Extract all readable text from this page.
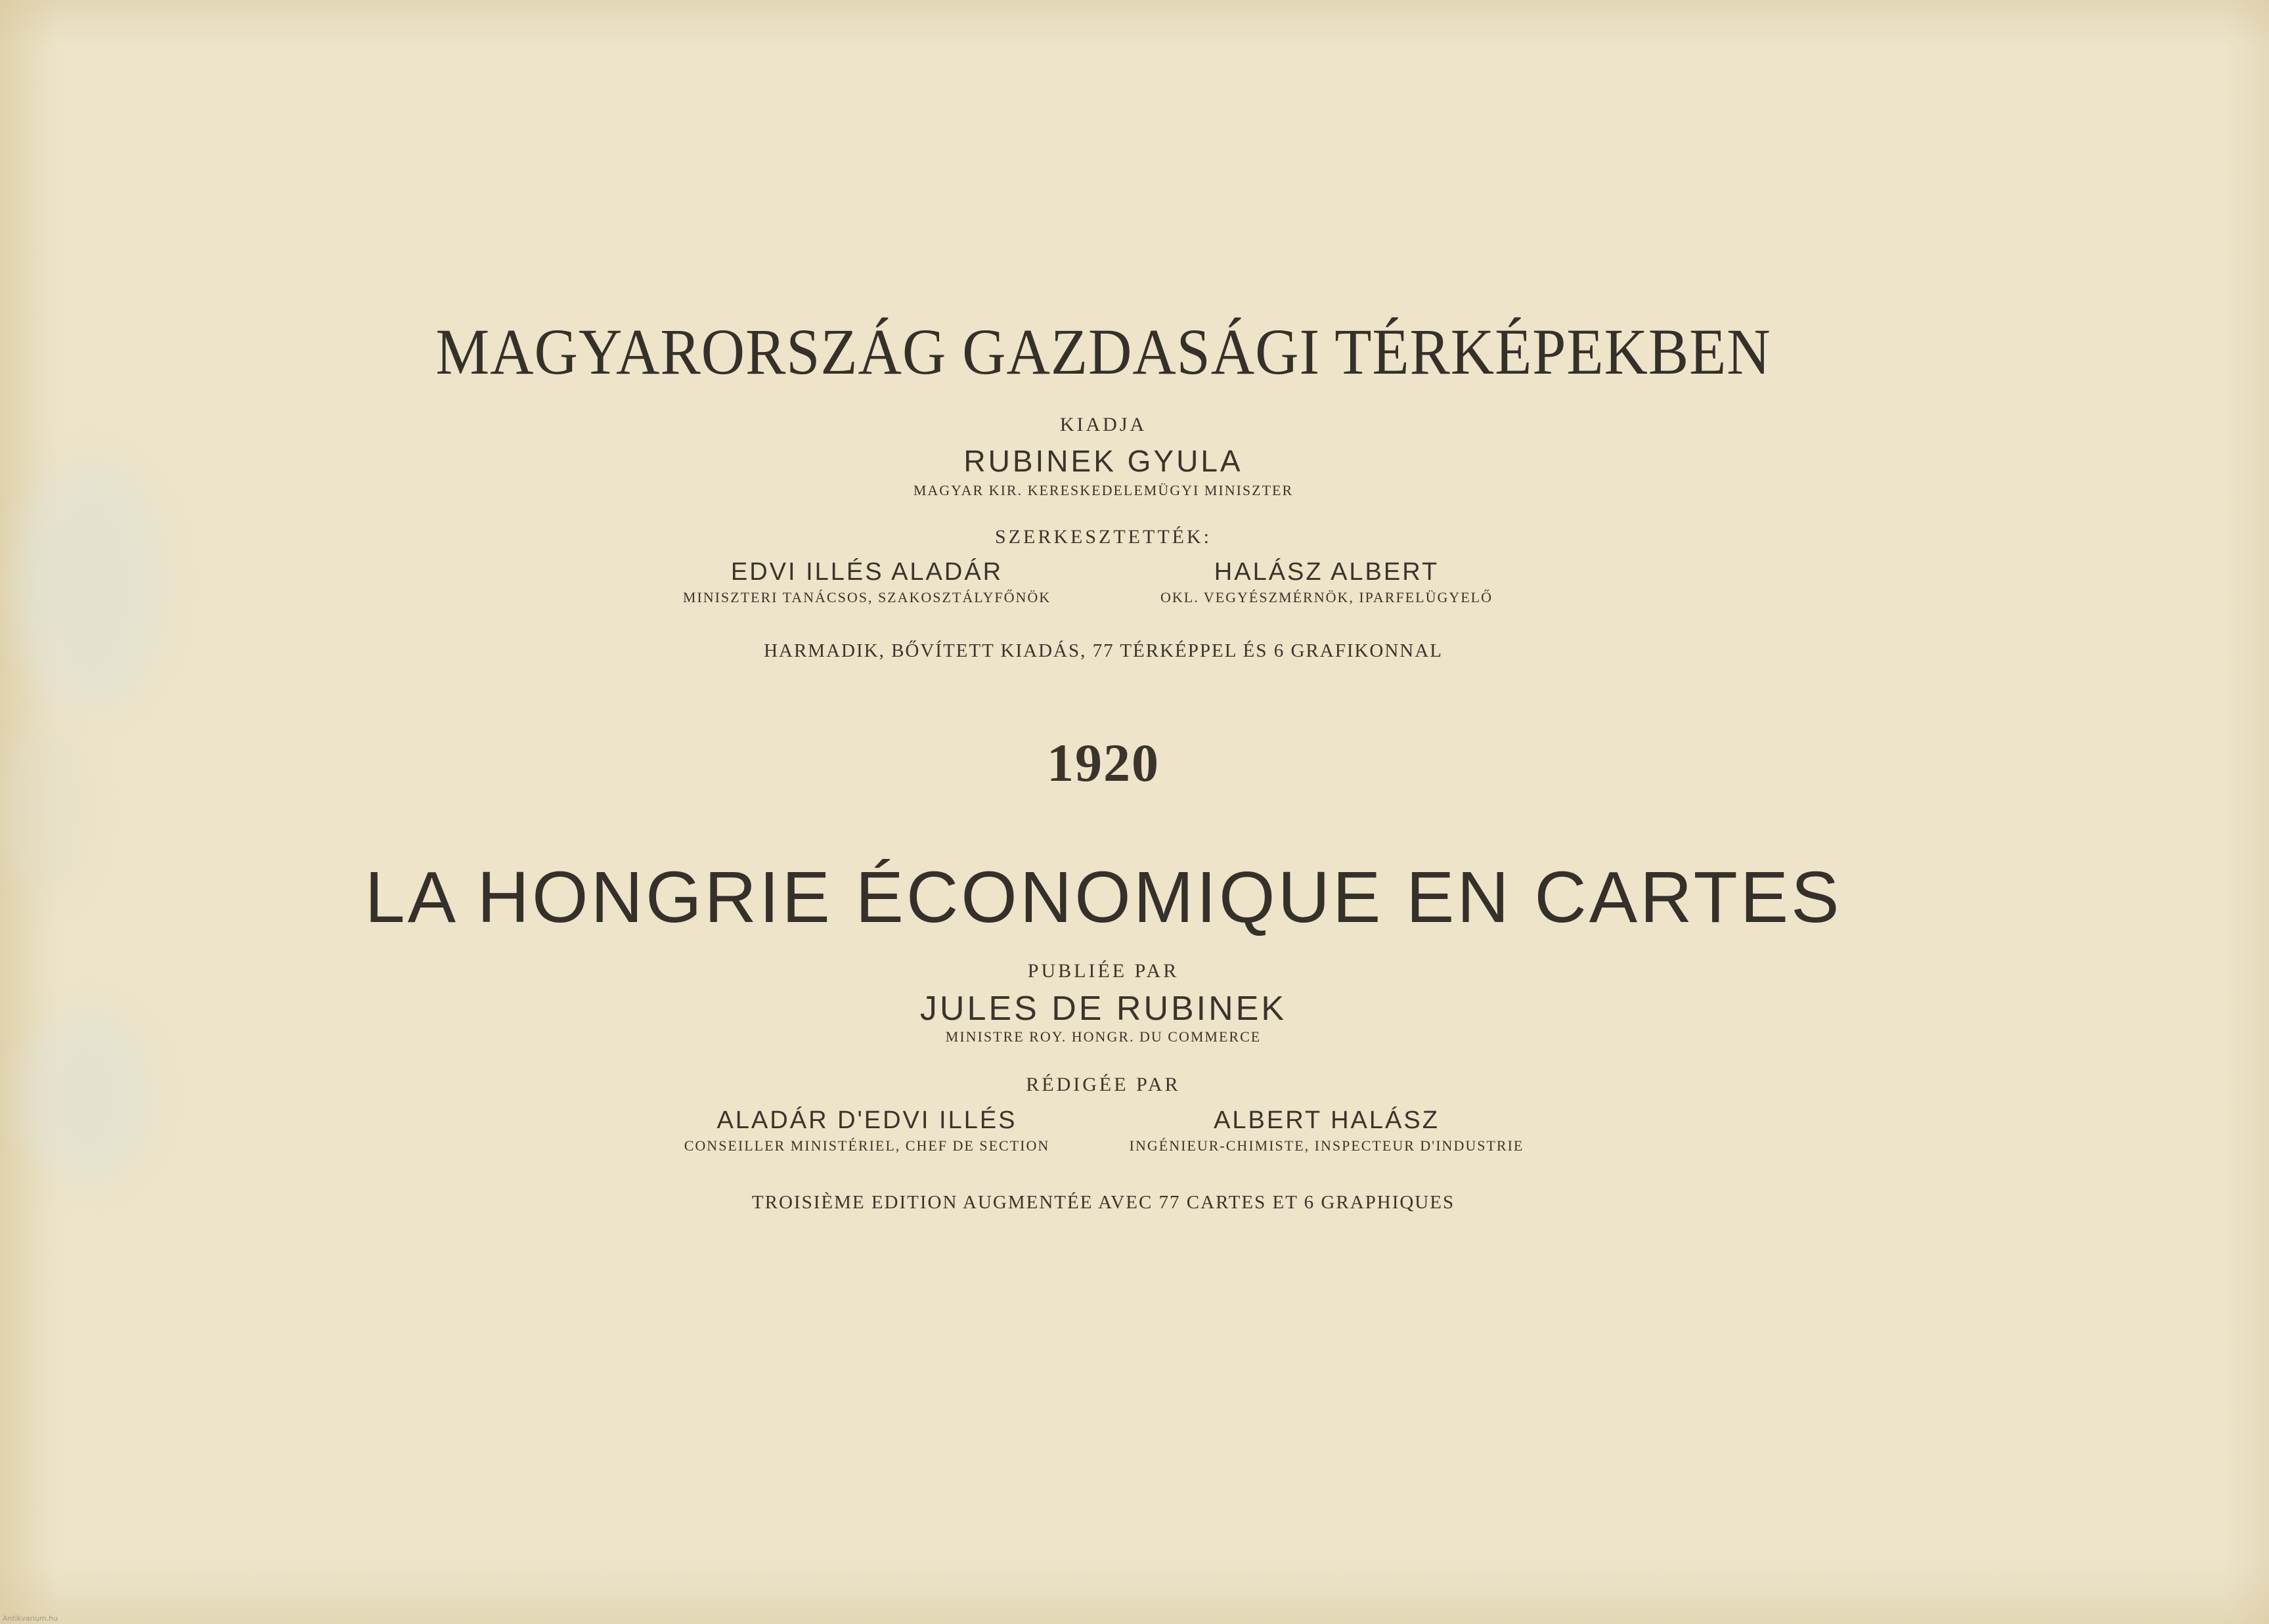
MAGYARORSZÁG GAZDASÁGI TÉRKÉPEKBEN
KIADJA
RUBINEK GYULA
MAGYAR KIR. KERESKEDELEMÜGYI MINISZTER
SZERKESZTETTÉK:
EDVI ILLÉS ALADÁR
MINISZTERI TANÁCSOS, SZAKOSZTÁLYFŐNÖK
HALÁSZ ALBERT
OKL. VEGYÉSZMÉRNÖK, IPARFELÜGYELŐ
HARMADIK, BŐVÍTETT KIADÁS, 77 TÉRKÉPPEL ÉS 6 GRAFIKONNAL
1920
LA HONGRIE ÉCONOMIQUE EN CARTES
PUBLIÉE PAR
JULES DE RUBINEK
MINISTRE ROY. HONGR. DU COMMERCE
RÉDIGÉE PAR
ALADÁR D'EDVI ILLÉS
CONSEILLER MINISTÉRIEL, CHEF DE SECTION
ALBERT HALÁSZ
INGÉNIEUR-CHIMISTE, INSPECTEUR D'INDUSTRIE
TROISIÈME EDITION AUGMENTÉE AVEC 77 CARTES ET 6 GRAPHIQUES
Antikvarium.hu
